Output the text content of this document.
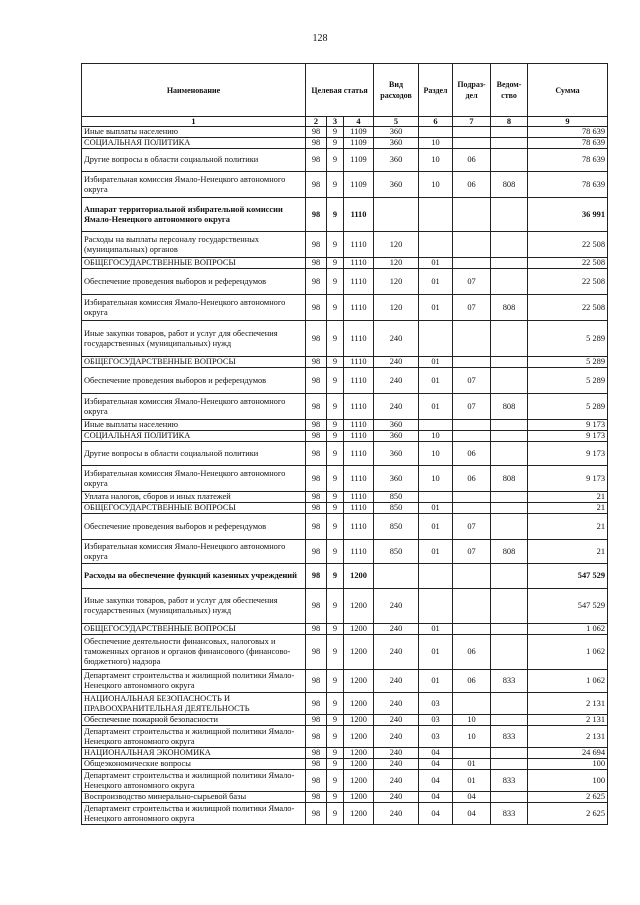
128
Наименование	Целевая статья			Вид расходов	Раздел	Подраз-дел	Ведом-ство	Сумма
1	2	3	4	5	6	7	8	9
Иные выплаты населению	98	9	1109	360				78 639
СОЦИАЛЬНАЯ ПОЛИТИКА	98	9	1109	360	10			78 639
Другие вопросы в области социальной политики	98	9	1109	360	10	06		78 639
Избирательная комиссия Ямало-Ненецкого автономного округа	98	9	1109	360	10	06	808	78 639
Аппарат территориальной избирательной комиссии Ямало-Ненецкого автономного округа	98	9	1110					36 991
Расходы на выплаты персоналу государственных (муниципальных) органов	98	9	1110	120				22 508
ОБЩЕГОСУДАРСТВЕННЫЕ ВОПРОСЫ	98	9	1110	120	01			22 508
Обеспечение проведения выборов и референдумов	98	9	1110	120	01	07		22 508
Избирательная комиссия Ямало-Ненецкого автономного округа	98	9	1110	120	01	07	808	22 508
Иные закупки товаров, работ и услуг для обеспечения государственных (муниципальных) нужд	98	9	1110	240				5 289
ОБЩЕГОСУДАРСТВЕННЫЕ ВОПРОСЫ	98	9	1110	240	01			5 289
Обеспечение проведения выборов и референдумов	98	9	1110	240	01	07		5 289
Избирательная комиссия Ямало-Ненецкого автономного округа	98	9	1110	240	01	07	808	5 289
Иные выплаты населению	98	9	1110	360				9 173
СОЦИАЛЬНАЯ ПОЛИТИКА	98	9	1110	360	10			9 173
Другие вопросы в области социальной политики	98	9	1110	360	10	06		9 173
Избирательная комиссия Ямало-Ненецкого автономного округа	98	9	1110	360	10	06	808	9 173
Уплата налогов, сборов и иных платежей	98	9	1110	850				21
ОБЩЕГОСУДАРСТВЕННЫЕ ВОПРОСЫ	98	9	1110	850	01			21
Обеспечение проведения выборов и референдумов	98	9	1110	850	01	07		21
Избирательная комиссия Ямало-Ненецкого автономного округа	98	9	1110	850	01	07	808	21
Расходы на обеспечение функций казенных учреждений	98	9	1200					547 529
Иные закупки товаров, работ и услуг для обеспечения государственных (муниципальных) нужд	98	9	1200	240				547 529
ОБЩЕГОСУДАРСТВЕННЫЕ ВОПРОСЫ	98	9	1200	240	01			1 062
Обеспечение деятельности финансовых, налоговых и таможенных органов и органов финансового (финансово-бюджетного) надзора	98	9	1200	240	01	06		1 062
Департамент строительства и жилищной политики Ямало-Ненецкого автономного округа	98	9	1200	240	01	06	833	1 062
НАЦИОНАЛЬНАЯ БЕЗОПАСНОСТЬ И ПРАВООХРАНИТЕЛЬНАЯ ДЕЯТЕЛЬНОСТЬ	98	9	1200	240	03			2 131
Обеспечение пожарной безопасности	98	9	1200	240	03	10		2 131
Департамент строительства и жилищной политики Ямало-Ненецкого автономного округа	98	9	1200	240	03	10	833	2 131
НАЦИОНАЛЬНАЯ ЭКОНОМИКА	98	9	1200	240	04			24 694
Общеэкономические вопросы	98	9	1200	240	04	01		100
Департамент строительства и жилищной политики Ямало-Ненецкого автономного округа	98	9	1200	240	04	01	833	100
Воспроизводство минерально-сырьевой базы	98	9	1200	240	04	04		2 625
Департамент строительства и жилищной политики Ямало-Ненецкого автономного округа	98	9	1200	240	04	04	833	2 625
